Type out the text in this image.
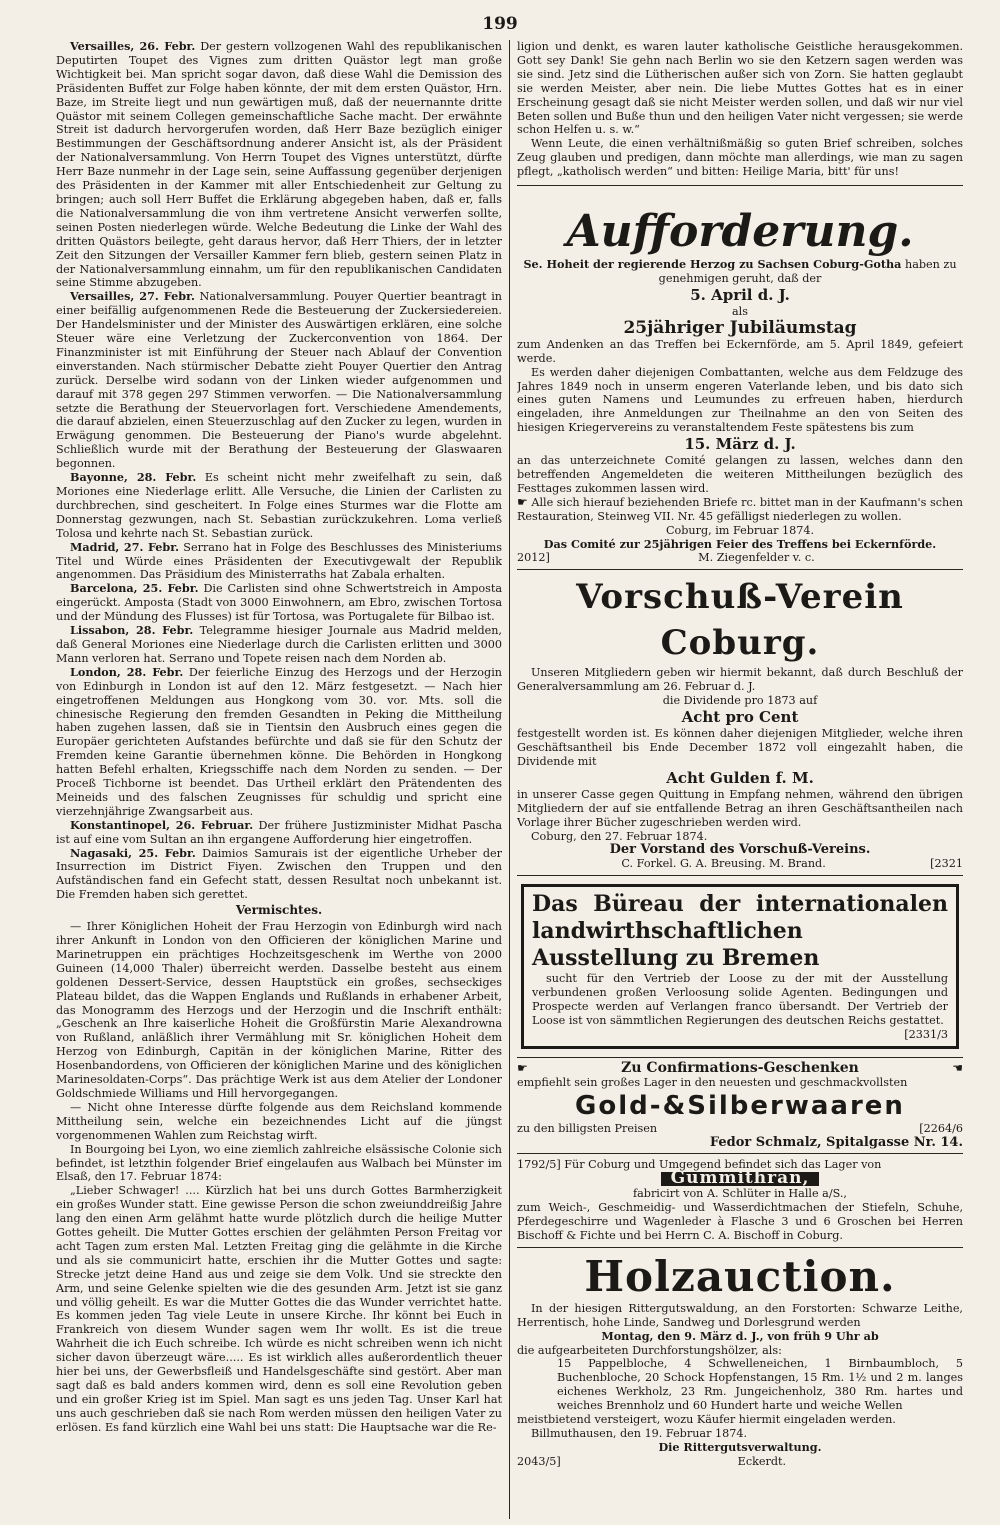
199

Versailles, 26. Febr. Der gestern vollzogenen Wahl des republikanischen Deputirten Toupet des Vignes zum dritten Quästor legt man große Wichtigkeit bei. Man spricht sogar davon, daß diese Wahl die Demission des Präsidenten Buffet zur Folge haben könnte, der mit dem ersten Quästor, Hrn. Baze, im Streite liegt und nun gewärtigen muß, daß der neuernannte dritte Quästor mit seinem Collegen gemeinschaftliche Sache macht. Der erwähnte Streit ist dadurch hervorgerufen worden, daß Herr Baze bezüglich einiger Bestimmungen der Geschäftsordnung anderer Ansicht ist, als der Präsident der Nationalversammlung. Von Herrn Toupet des Vignes unterstützt, dürfte Herr Baze nunmehr in der Lage sein, seine Auffassung gegenüber derjenigen des Präsidenten in der Kammer mit aller Entschiedenheit zur Geltung zu bringen; auch soll Herr Buffet die Erklärung abgegeben haben, daß er, falls die Nationalversammlung die von ihm vertretene Ansicht verwerfen sollte, seinen Posten niederlegen würde. Welche Bedeutung die Linke der Wahl des dritten Quästors beilegte, geht daraus hervor, daß Herr Thiers, der in letzter Zeit den Sitzungen der Versailler Kammer fern blieb, gestern seinen Platz in der Nationalversammlung einnahm, um für den republikanischen Candidaten seine Stimme abzugeben.

Versailles, 27. Febr. Nationalversammlung. Pouyer Quertier beantragt in einer beifällig aufgenommenen Rede die Besteuerung der Zuckersiedereien. Der Handelsminister und der Minister des Auswärtigen erklären, eine solche Steuer wäre eine Verletzung der Zuckerconvention von 1864. Der Finanzminister ist mit Einführung der Steuer nach Ablauf der Convention einverstanden. Nach stürmischer Debatte zieht Pouyer Quertier den Antrag zurück. Derselbe wird sodann von der Linken wieder aufgenommen und darauf mit 378 gegen 297 Stimmen verworfen. — Die Nationalversammlung setzte die Berathung der Steuervorlagen fort. Verschiedene Amendements, die darauf abzielen, einen Steuerzuschlag auf den Zucker zu legen, wurden in Erwägung genommen. Die Besteuerung der Piano's wurde abgelehnt. Schließlich wurde mit der Berathung der Besteuerung der Glaswaaren begonnen.

Bayonne, 28. Febr. Es scheint nicht mehr zweifelhaft zu sein, daß Moriones eine Niederlage erlitt. Alle Versuche, die Linien der Carlisten zu durchbrechen, sind gescheitert. In Folge eines Sturmes war die Flotte am Donnerstag gezwungen, nach St. Sebastian zurückzukehren. Loma verließ Tolosa und kehrte nach St. Sebastian zurück.

Madrid, 27. Febr. Serrano hat in Folge des Beschlusses des Ministeriums Titel und Würde eines Präsidenten der Executivgewalt der Republik angenommen. Das Präsidium des Ministerraths hat Zabala erhalten.

Barcelona, 25. Febr. Die Carlisten sind ohne Schwertstreich in Amposta eingerückt. Amposta (Stadt von 3000 Einwohnern, am Ebro, zwischen Tortosa und der Mündung des Flusses) ist für Tortosa, was Portugalete für Bilbao ist.

Lissabon, 28. Febr. Telegramme hiesiger Journale aus Madrid melden, daß General Moriones eine Niederlage durch die Carlisten erlitten und 3000 Mann verloren hat. Serrano und Topete reisen nach dem Norden ab.

London, 28. Febr. Der feierliche Einzug des Herzogs und der Herzogin von Edinburgh in London ist auf den 12. März festgesetzt. — Nach hier eingetroffenen Meldungen aus Hongkong vom 30. vor. Mts. soll die chinesische Regierung den fremden Gesandten in Peking die Mittheilung haben zugehen lassen, daß sie in Tientsin den Ausbruch eines gegen die Europäer gerichteten Aufstandes befürchte und daß sie für den Schutz der Fremden keine Garantie übernehmen könne. Die Behörden in Hongkong hatten Befehl erhalten, Kriegsschiffe nach dem Norden zu senden. — Der Proceß Tichborne ist beendet. Das Urtheil erklärt den Prätendenten des Meineids und des falschen Zeugnisses für schuldig und spricht eine vierzehnjährige Zwangsarbeit aus.

Konstantinopel, 26. Februar. Der frühere Justizminister Midhat Pascha ist auf eine vom Sultan an ihn ergangene Aufforderung hier eingetroffen.

Nagasaki, 25. Febr. Daimios Samurais ist der eigentliche Urheber der Insurrection im District Fiyen. Zwischen den Truppen und den Aufständischen fand ein Gefecht statt, dessen Resultat noch unbekannt ist. Die Fremden haben sich gerettet.

Vermischtes.

— Ihrer Königlichen Hoheit der Frau Herzogin von Edinburgh wird nach ihrer Ankunft in London von den Officieren der königlichen Marine und Marinetruppen ein prächtiges Hochzeitsgeschenk im Werthe von 2000 Guineen (14,000 Thaler) überreicht werden. Dasselbe besteht aus einem goldenen Dessert-Service, dessen Hauptstück ein großes, sechseckiges Plateau bildet, das die Wappen Englands und Rußlands in erhabener Arbeit, das Monogramm des Herzogs und der Herzogin und die Inschrift enthält: „Geschenk an Ihre kaiserliche Hoheit die Großfürstin Marie Alexandrowna von Rußland, anläßlich ihrer Vermählung mit Sr. königlichen Hoheit dem Herzog von Edinburgh, Capitän in der königlichen Marine, Ritter des Hosenbandordens, von Officieren der königlichen Marine und des königlichen Marinesoldaten-Corps“. Das prächtige Werk ist aus dem Atelier der Londoner Goldschmiede Williams und Hill hervorgegangen.

— Nicht ohne Interesse dürfte folgende aus dem Reichsland kommende Mittheilung sein, welche ein bezeichnendes Licht auf die jüngst vorgenommenen Wahlen zum Reichstag wirft.

In Bourgoing bei Lyon, wo eine ziemlich zahlreiche elsässische Colonie sich befindet, ist letzthin folgender Brief eingelaufen aus Walbach bei Münster im Elsaß, den 17. Februar 1874:

„Lieber Schwager! .... Kürzlich hat bei uns durch Gottes Barmherzigkeit ein großes Wunder statt. Eine gewisse Person die schon zweiunddreißig Jahre lang den einen Arm gelähmt hatte wurde plötzlich durch die heilige Mutter Gottes geheilt. Die Mutter Gottes erschien der gelähmten Person Freitag vor acht Tagen zum ersten Mal. Letzten Freitag ging die gelähmte in die Kirche und als sie communicirt hatte, erschien ihr die Mutter Gottes und sagte: Strecke jetzt deine Hand aus und zeige sie dem Volk. Und sie streckte den Arm, und seine Gelenke spielten wie die des gesunden Arm. Jetzt ist sie ganz und völlig geheilt. Es war die Mutter Gottes die das Wunder verrichtet hatte. Es kommen jeden Tag viele Leute in unsere Kirche. Ihr könnt bei Euch in Frankreich von diesem Wunder sagen wem Ihr wollt. Es ist die treue Wahrheit die ich Euch schreibe. Ich würde es nicht schreiben wenn ich nicht sicher davon überzeugt wäre..... Es ist wirklich alles außerordentlich theuer hier bei uns, der Gewerbsfleiß und Handelsgeschäfte sind gestört. Aber man sagt daß es bald anders kommen wird, denn es soll eine Revolution geben und ein großer Krieg ist im Spiel. Man sagt es uns jeden Tag. Unser Karl hat uns auch geschrieben daß sie nach Rom werden müssen den heiligen Vater zu erlösen. Es fand kürzlich eine Wahl bei uns statt: Die Hauptsache war die Re-

ligion und denkt, es waren lauter katholische Geistliche herausgekommen. Gott sey Dank! Sie gehn nach Berlin wo sie den Ketzern sagen werden was sie sind. Jetz sind die Lütherischen außer sich von Zorn. Sie hatten geglaubt sie werden Meister, aber nein. Die liebe Muttes Gottes hat es in einer Erscheinung gesagt daß sie nicht Meister werden sollen, und daß wir nur viel Beten sollen und Buße thun und den heiligen Vater nicht vergessen; sie werde schon Helfen u. s. w.“

Wenn Leute, die einen verhältnißmäßig so guten Brief schreiben, solches Zeug glauben und predigen, dann möchte man allerdings, wie man zu sagen pflegt, „katholisch werden“ und bitten: Heilige Maria, bitt' für uns!

Aufforderung.

Se. Hoheit der regierende Herzog zu Sachsen Coburg-Gotha haben zu genehmigen geruht, daß der

5. April d. J.

als

25jähriger Jubiläumstag

zum Andenken an das Treffen bei Eckernförde, am 5. April 1849, gefeiert werde.

Es werden daher diejenigen Combattanten, welche aus dem Feldzuge des Jahres 1849 noch in unserm engeren Vaterlande leben, und bis dato sich eines guten Namens und Leumundes zu erfreuen haben, hierdurch eingeladen, ihre Anmeldungen zur Theilnahme an den von Seiten des hiesigen Kriegervereins zu veranstaltendem Feste spätestens bis zum

15. März d. J.

an das unterzeichnete Comité gelangen zu lassen, welches dann den betreffenden Angemeldeten die weiteren Mittheilungen bezüglich des Festtages zukommen lassen wird.

☛ Alle sich hierauf beziehenden Briefe rc. bittet man in der Kaufmann's schen Restauration, Steinweg VII. Nr. 45 gefälligst niederlegen zu wollen.

Coburg, im Februar 1874.

Das Comité zur 25jährigen Feier des Treffens bei Eckernförde.

2012]	M. Ziegenfelder v. c.
Vorschuß-Verein Coburg.

Unseren Mitgliedern geben wir hiermit bekannt, daß durch Beschluß der Generalversammlung am 26. Februar d. J.

die Dividende pro 1873 auf

Acht pro Cent

festgestellt worden ist. Es können daher diejenigen Mitglieder, welche ihren Geschäftsantheil bis Ende December 1872 voll eingezahlt haben, die Dividende mit

Acht Gulden f. M.

in unserer Casse gegen Quittung in Empfang nehmen, während den übrigen Mitgliedern der auf sie entfallende Betrag an ihren Geschäftsantheilen nach Vorlage ihrer Bücher zugeschrieben werden wird.

Coburg, den 27. Februar 1874.

Der Vorstand des Vorschuß-Vereins.

C. Forkel. G. A. Breusing. M. Brand.	[2321
Das Büreau der internationalen landwirthschaftlichen Ausstellung zu Bremen

sucht für den Vertrieb der Loose zu der mit der Ausstellung verbundenen großen Verloosung solide Agenten. Bedingungen und Prospecte werden auf Verlangen franco übersandt. Der Vertrieb der Loose ist von sämmtlichen Regierungen des deutschen Reichs gestattet.

[2331/3

☛	Zu Confirmations-Geschenken	☚

empfiehlt sein großes Lager in den neuesten und geschmackvollsten

Gold-&Silberwaaren
zu den billigsten Preisen	[2264/6

Fedor Schmalz, Spitalgasse Nr. 14.

1792/5] Für Coburg und Umgegend befindet sich das Lager von

Gummithran,

fabricirt von A. Schlüter in Halle a/S.,

zum Weich-, Geschmeidig- und Wasserdichtmachen der Stiefeln, Schuhe, Pferdegeschirre und Wagenleder à Flasche 3 und 6 Groschen bei Herren Bischoff & Fichte und bei Herrn C. A. Bischoff in Coburg.

Holzauction.

In der hiesigen Rittergutswaldung, an den Forstorten: Schwarze Leithe, Herrentisch, hohe Linde, Sandweg und Dorlesgrund werden

Montag, den 9. März d. J., von früh 9 Uhr ab

die aufgearbeiteten Durchforstungshölzer, als:

15 Pappelbloche, 4 Schwelleneichen, 1 Birnbaumbloch, 5 Buchenbloche, 20 Schock Hopfenstangen, 15 Rm. 1½ und 2 m. langes eichenes Werkholz, 23 Rm. Jungeichenholz, 380 Rm. hartes und weiches Brennholz und 60 Hundert harte und weiche Wellen

meistbietend versteigert, wozu Käufer hiermit eingeladen werden.

Billmuthausen, den 19. Februar 1874.

Die Rittergutsverwaltung.

2043/5]	Eckerdt.
